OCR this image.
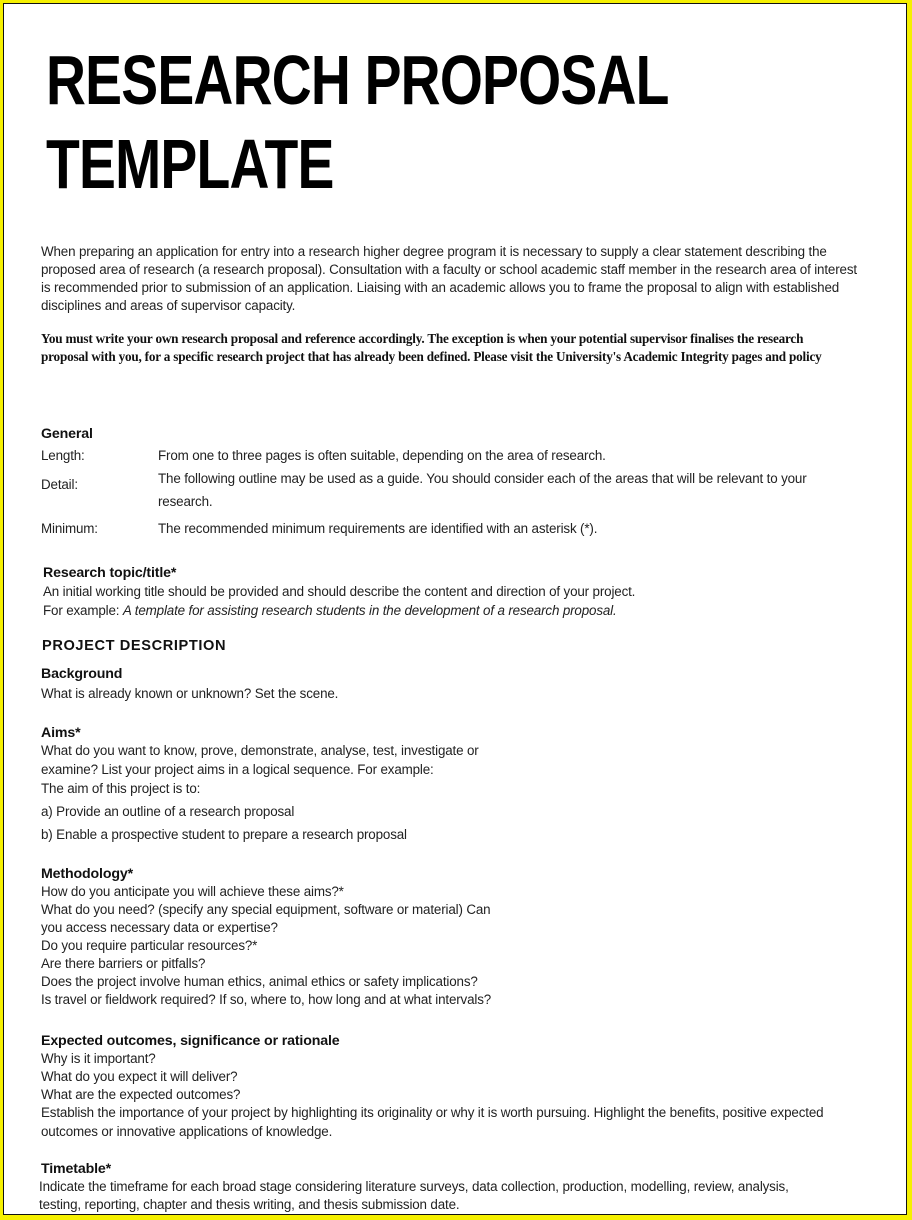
RESEARCH PROPOSAL
TEMPLATE
When preparing an application for entry into a research higher degree program it is necessary to supply a clear statement describing the
proposed area of research (a research proposal). Consultation with a faculty or school academic staff member in the research area of interest
is recommended prior to submission of an application. Liaising with an academic allows you to frame the proposal to align with established
disciplines and areas of supervisor capacity.
You must write your own research proposal and reference accordingly. The exception is when your potential supervisor finalises the research
proposal with you, for a specific research project that has already been defined. Please visit the University's Academic Integrity pages and policy
General
Length:	From one to three pages is often suitable, depending on the area of research.
Detail:	The following outline may be used as a guide. You should consider each of the areas that will be relevant to your
research.
Minimum:	The recommended minimum requirements are identified with an asterisk (*).
Research topic/title*
An initial working title should be provided and should describe the content and direction of your project.
PROJECT DESCRIPTION
Background
What is already known or unknown? Set the scene.
Aims*
What do you want to know, prove, demonstrate, analyse, test, investigate or
examine? List your project aims in a logical sequence. For example:
The aim of this project is to:
a) Provide an outline of a research proposal
b) Enable a prospective student to prepare a research proposal
Methodology*
How do you anticipate you will achieve these aims?*
What do you need? (specify any special equipment, software or material) Can
you access necessary data or expertise?
Do you require particular resources?*
Are there barriers or pitfalls?
Does the project involve human ethics, animal ethics or safety implications?
Is travel or fieldwork required? If so, where to, how long and at what intervals?
Expected outcomes, significance or rationale
Why is it important?
What do you expect it will deliver?
What are the expected outcomes?
Establish the importance of your project by highlighting its originality or why it is worth pursuing. Highlight the benefits, positive expected
outcomes or innovative applications of knowledge.
Timetable*
Indicate the timeframe for each broad stage considering literature surveys, data collection, production, modelling, review, analysis,
testing, reporting, chapter and thesis writing, and thesis submission date.
For example: A template for assisting research students in the development of a research proposal.
